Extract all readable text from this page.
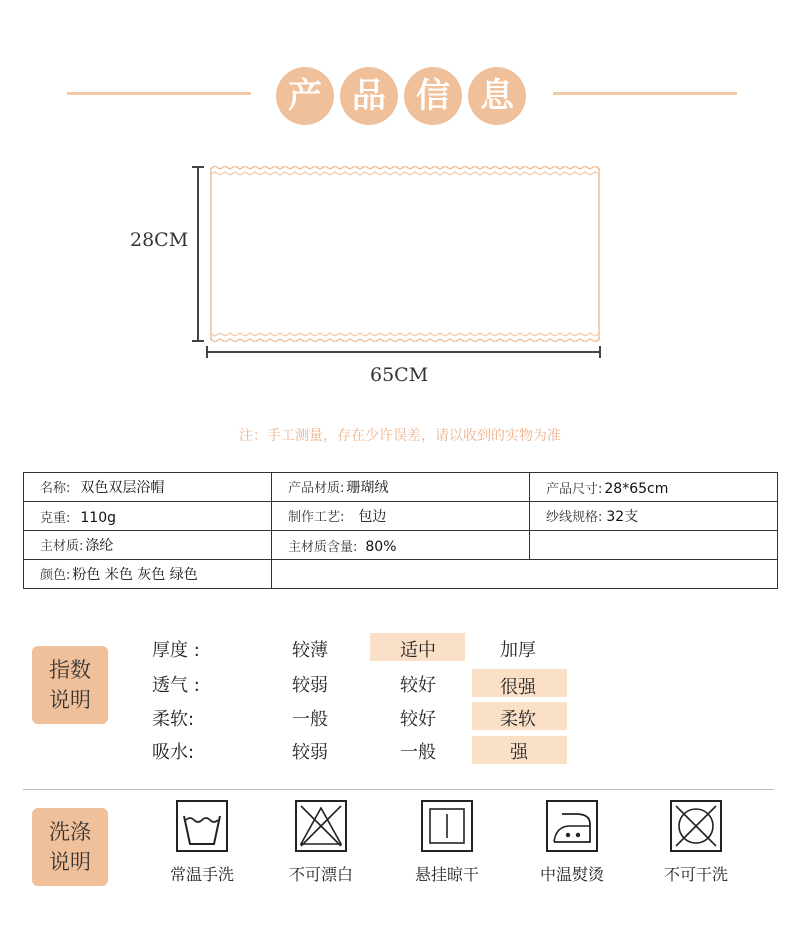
产 品 信 息
28CM
65CM
注：手工测量，存在少许误差，请以收到的实物为准
名称: 双色双层浴帽	产品材质: 珊瑚绒	产品尺寸: 28*65cm
克重: 110g	制作工艺: 包边	纱线规格: 32支
主材质: 涤纶	主材质含量: 80%	
颜色: 粉色 米色 灰色 绿色		
指数
说明
厚度 :	较薄	适中	加厚
透气 :	较弱	较好	很强
柔软:	一般	较好	柔软
吸水:	较弱	一般	强
洗涤
说明
常温手洗	不可漂白	悬挂晾干	中温熨烫	不可干洗
